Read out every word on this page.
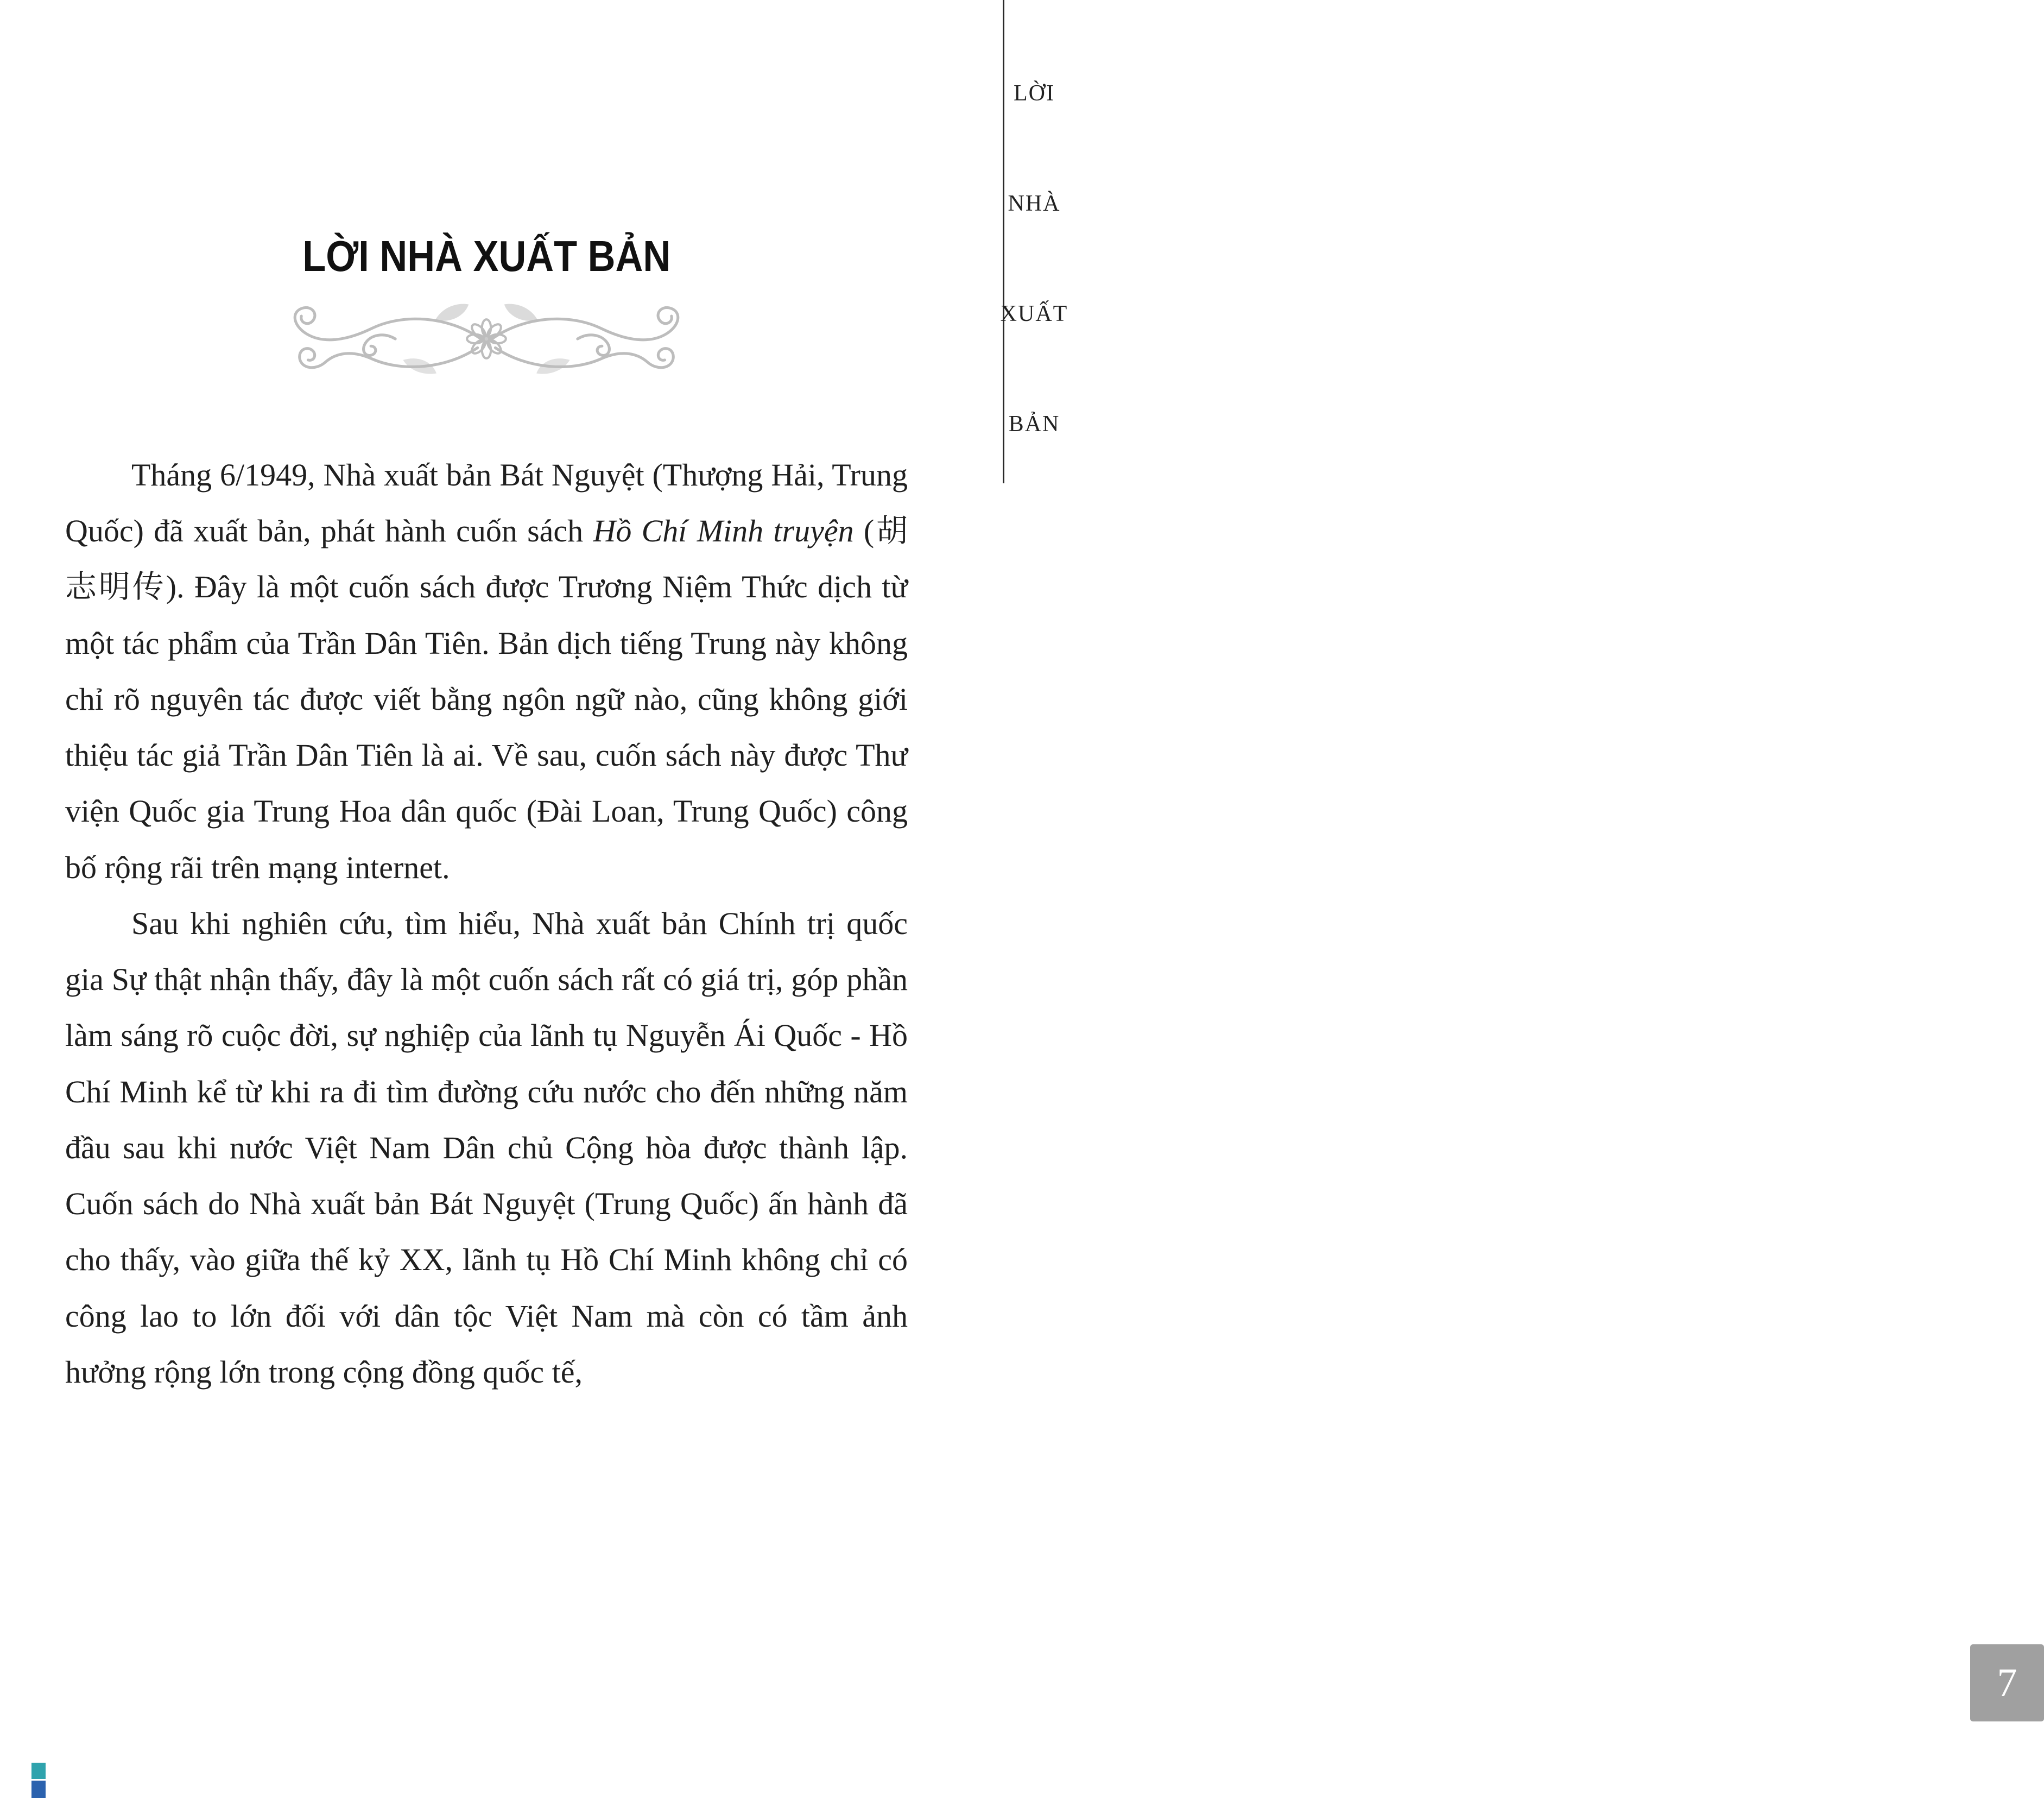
LỜI NHÀ XUẤT BẢN

Tháng 6/1949, Nhà xuất bản Bát Nguyệt (Thượng Hải, Trung Quốc) đã xuất bản, phát hành cuốn sách Hồ Chí Minh truyện (胡志明传). Đây là một cuốn sách được Trương Niệm Thức dịch từ một tác phẩm của Trần Dân Tiên. Bản dịch tiếng Trung này không chỉ rõ nguyên tác được viết bằng ngôn ngữ nào, cũng không giới thiệu tác giả Trần Dân Tiên là ai. Về sau, cuốn sách này được Thư viện Quốc gia Trung Hoa dân quốc (Đài Loan, Trung Quốc) công bố rộng rãi trên mạng internet.

Sau khi nghiên cứu, tìm hiểu, Nhà xuất bản Chính trị quốc gia Sự thật nhận thấy, đây là một cuốn sách rất có giá trị, góp phần làm sáng rõ cuộc đời, sự nghiệp của lãnh tụ Nguyễn Ái Quốc - Hồ Chí Minh kể từ khi ra đi tìm đường cứu nước cho đến những năm đầu sau khi nước Việt Nam Dân chủ Cộng hòa được thành lập. Cuốn sách do Nhà xuất bản Bát Nguyệt (Trung Quốc) ấn hành đã cho thấy, vào giữa thế kỷ XX, lãnh tụ Hồ Chí Minh không chỉ có công lao to lớn đối với dân tộc Việt Nam mà còn có tầm ảnh hưởng rộng lớn trong cộng đồng quốc tế,

LỜI
NHÀ
XUẤT
BẢN
7
